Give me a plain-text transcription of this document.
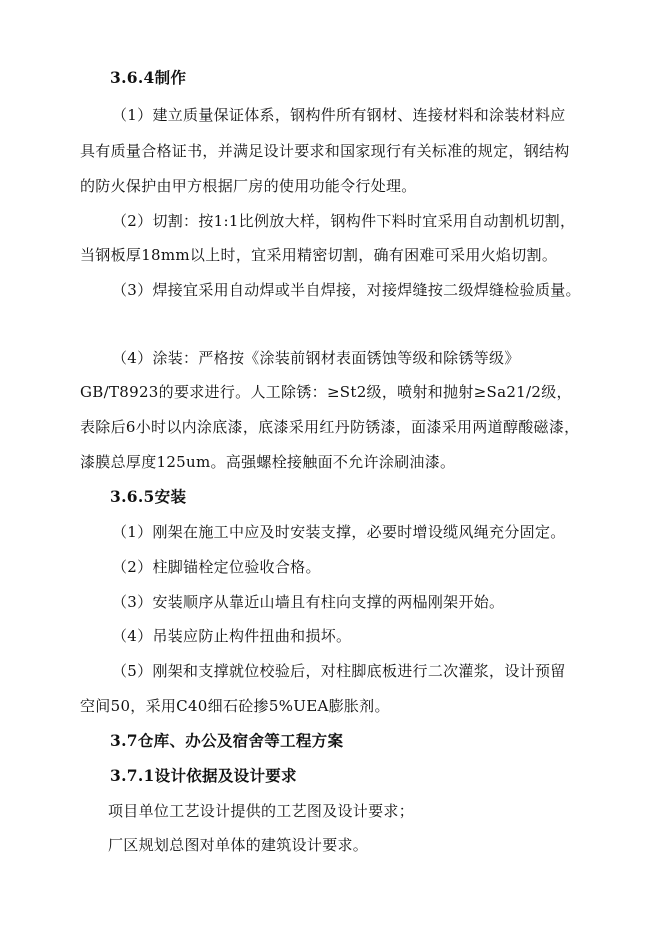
3.6.4制作
（1）建立质量保证体系，钢构件所有钢材、连接材料和涂装材料应
具有质量合格证书，并满足设计要求和国家现行有关标准的规定，钢结构
的防火保护由甲方根据厂房的使用功能令行处理。
（2）切割：按1:1比例放大样，钢构件下料时宜采用自动割机切割，
当钢板厚18mm以上时，宜采用精密切割，确有困难可采用火焰切割。
（3）焊接宜采用自动焊或半自焊接，对接焊缝按二级焊缝检验质量。
（4）涂装：严格按《涂装前钢材表面锈蚀等级和除锈等级》
GB/T8923的要求进行。人工除锈：≥St2级，喷射和抛射≥Sa21/2级，
表除后6小时以内涂底漆，底漆采用红丹防锈漆，面漆采用两道醇酸磁漆，
漆膜总厚度125um。高强螺栓接触面不允许涂刷油漆。
3.6.5安装
（1）刚架在施工中应及时安装支撑，必要时增设缆风绳充分固定。
（2）柱脚锚栓定位验收合格。
（3）安装顺序从靠近山墙且有柱向支撑的两榀刚架开始。
（4）吊装应防止构件扭曲和损坏。
（5）刚架和支撑就位校验后，对柱脚底板进行二次灌浆，设计预留
空间50，采用C40细石砼掺5%UEA膨胀剂。
3.7仓库、办公及宿舍等工程方案
3.7.1设计依据及设计要求
项目单位工艺设计提供的工艺图及设计要求；
厂区规划总图对单体的建筑设计要求。
